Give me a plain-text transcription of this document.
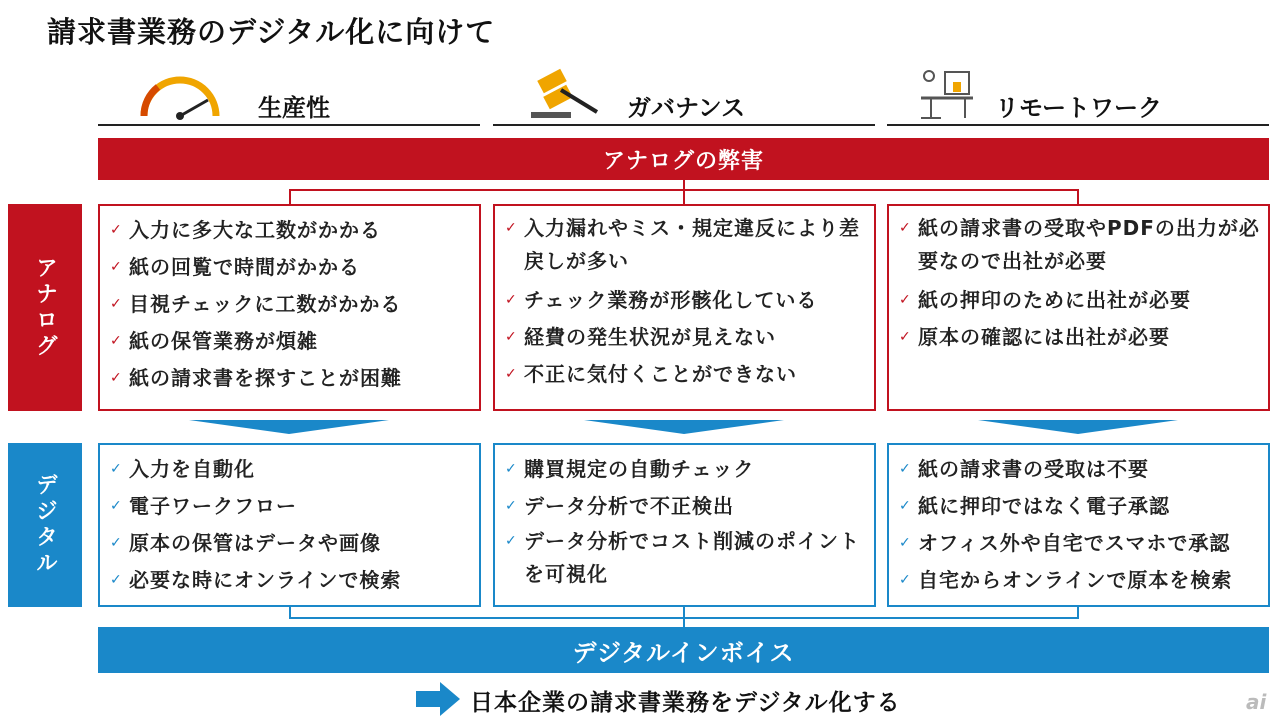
請求書業務のデジタル化に向けて
生産性	ガバナンス	リモートワーク
アナログの弊害
アナログ
✓ 入力に多大な工数がかかる
✓ 紙の回覧で時間がかかる
✓ 目視チェックに工数がかかる
✓ 紙の保管業務が煩雑
✓ 紙の請求書を探すことが困難
✓ 入力漏れやミス・規定違反により差戻しが多い
✓ チェック業務が形骸化している
✓ 経費の発生状況が見えない
✓ 不正に気付くことができない
✓ 紙の請求書の受取やPDFの出力が必要なので出社が必要
✓ 紙の押印のために出社が必要
✓ 原本の確認には出社が必要
デジタル
✓ 入力を自動化
✓ 電子ワークフロー
✓ 原本の保管はデータや画像
✓ 必要な時にオンラインで検索
✓ 購買規定の自動チェック
✓ データ分析で不正検出
✓ データ分析でコスト削減のポイントを可視化
✓ 紙の請求書の受取は不要
✓ 紙に押印ではなく電子承認
✓ オフィス外や自宅でスマホで承認
✓ 自宅からオンラインで原本を検索
デジタルインボイス
日本企業の請求書業務をデジタル化する	ai
